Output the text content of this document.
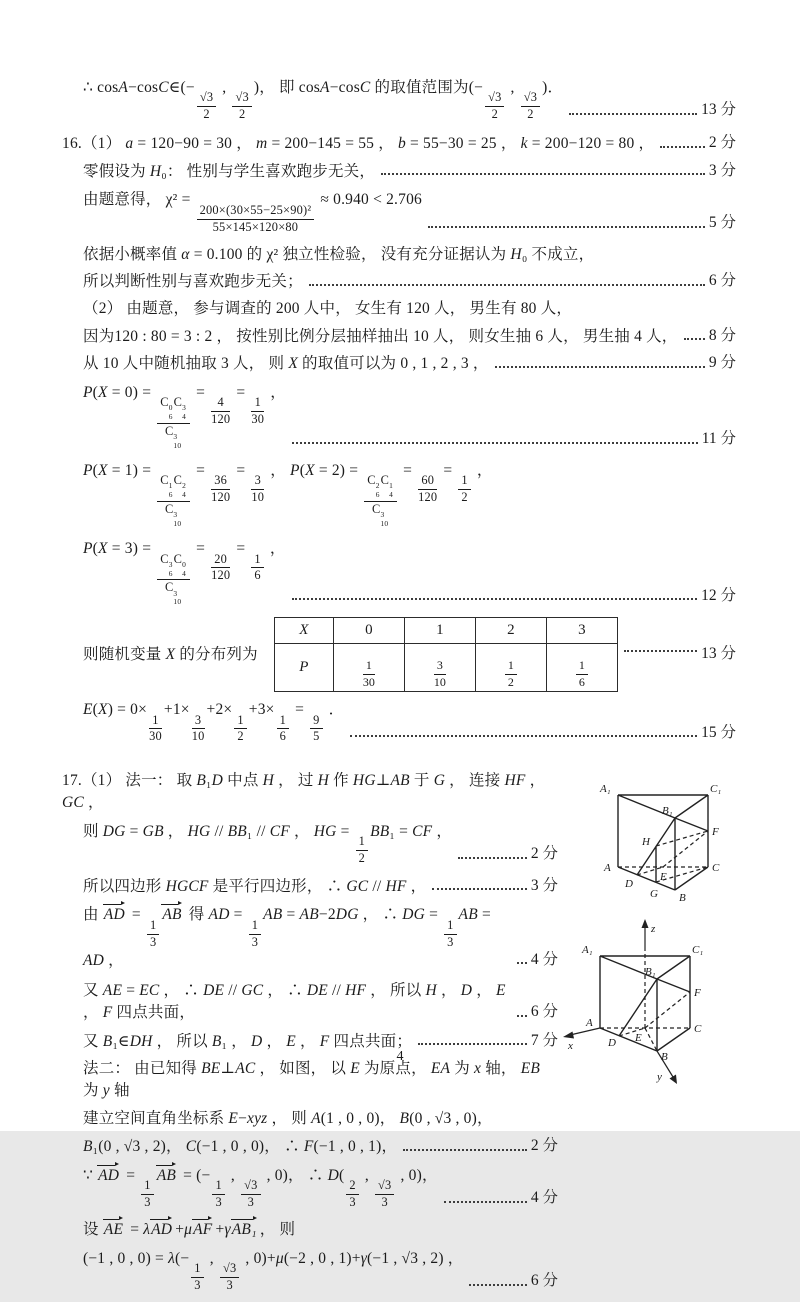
∴ cosA−cosC∈(−
$\frac{√3}{2}$
,
$\frac{√3}{2}$
)， 即 cosA−cosC 的取值范围为(−
$\frac{√3}{2}$
,
$\frac{√3}{2}$
)．
13 分
16.（1） a = 120−90 = 30 ， m = 200−145 = 55 ， b = 55−30 = 25 ， k = 200−120 = 80 ，	2 分
零假设为 H₀： 性别与学生喜欢跑步无关，	3 分
由题意得， χ² =
$\frac{\text{200×(30×55−25×90)²}}{55\times 145\times 120\times 80}$
≈ 0.940 < 2.706
5 分
依据小概率值 α = 0.100 的 χ² 独立性检验， 没有充分证据认为 H₀ 不成立，
所以判断性别与喜欢跑步无关；	6 分
（2） 由题意， 参与调查的 200 人中， 女生有 120 人， 男生有 80 人，
因为120 : 80 = 3 : 2 ， 按性别比例分层抽样抽出 10 人， 则女生抽 6 人， 男生抽 4 人， 8 分
从 10 人中随机抽取 3 人， 则 X 的取值可以为 0 , 1 , 2 , 3 ，	9 分
P(X = 0) =
C 0
6
C 3
4
C 3
10
=
$\frac{4}{120}$
=
$\frac{1}{30}$
，
11 分
P(X = 1) =
C 1
6
C 2
4
C 3
10
=
$\frac{36}{120}$
=
$\frac{3}{10}$
， P(X = 2) =
C 2
6
C 1
4
C 3
10
=
$\frac{60}{120}$
=
$\frac{1}{2}$
，
P(X = 3) =
C 3
6
C 0
4
C 3
10
=
$\frac{20}{120}$
=
$\frac{1}{6}$
，
12 分
则随机变量 X 的分布列为
X	0	1	2	3
P	$\frac{1}{30}$	$\frac{3}{10}$	$\frac{1}{2}$	$\frac{1}{6}$
13 分
E(X) = 0×
$\frac{1}{30}$
+1×
$\frac{3}{10}$
+2×
$\frac{1}{2}$
+3×
$\frac{1}{6}$
=
$\frac{9}{5}$
．
15 分
17.（1） 法一： 取 B₁D 中点 H ， 过 H 作 HG⊥AB 于 G ， 连接 HF ， GC ，
则 DG = GB ， HG // BB₁ // CF ， HG =
$\frac{1}{2}$
BB₁ = CF ，
2 分
所以四边形 HGCF 是平行四边形， ∴ GC // HF ，	3 分
由 AD =
$\frac{1}{3}$
AB 得 AD =
$\frac{1}{3}$
AB = AB−2DG ， ∴ DG =
$\frac{1}{3}$
AB = AD ，	4 分
又 AE = EC ， ∴ DE // GC ， ∴ DE // HF ， 所以 H ， D ， E ， F 四点共面，	6 分
又 B₁∈DH ， 所以 B₁ ， D ， E ， F 四点共面；	7 分
法二： 由已知得 BE⊥AC ， 如图， 以 E 为原点， EA 为 x 轴， EB 为 y 轴
建立空间直角坐标系 E−xyz ， 则 A(1 , 0 , 0)， B(0 , √3 , 0)，
B₁(0 , √3 , 2)， C(−1 , 0 , 0)， ∴ F(−1 , 0 , 1)，	2 分
∵ AD =
$\frac{1}{3}$
AB = (−
$\frac{1}{3}$
,
$\frac{√3}{3}$
, 0)， ∴ D(
$\frac{2}{3}$
,
$\frac{√3}{3}$
, 0)，
4 分
设 AE = λAD +μAF +γAB₁ ， 则
(−1 , 0 , 0) = λ(−
$\frac{1}{3}$
,
$\frac{√3}{3}$
, 0)+μ(−2 , 0 , 1)+γ(−1 , √3 , 2) ，
6 分
A₁	C₁
B₁
F
H
A	C
D
G
E
B
A₁	C₁
B₁
F
A	C
D E
B
x
y
z
4
